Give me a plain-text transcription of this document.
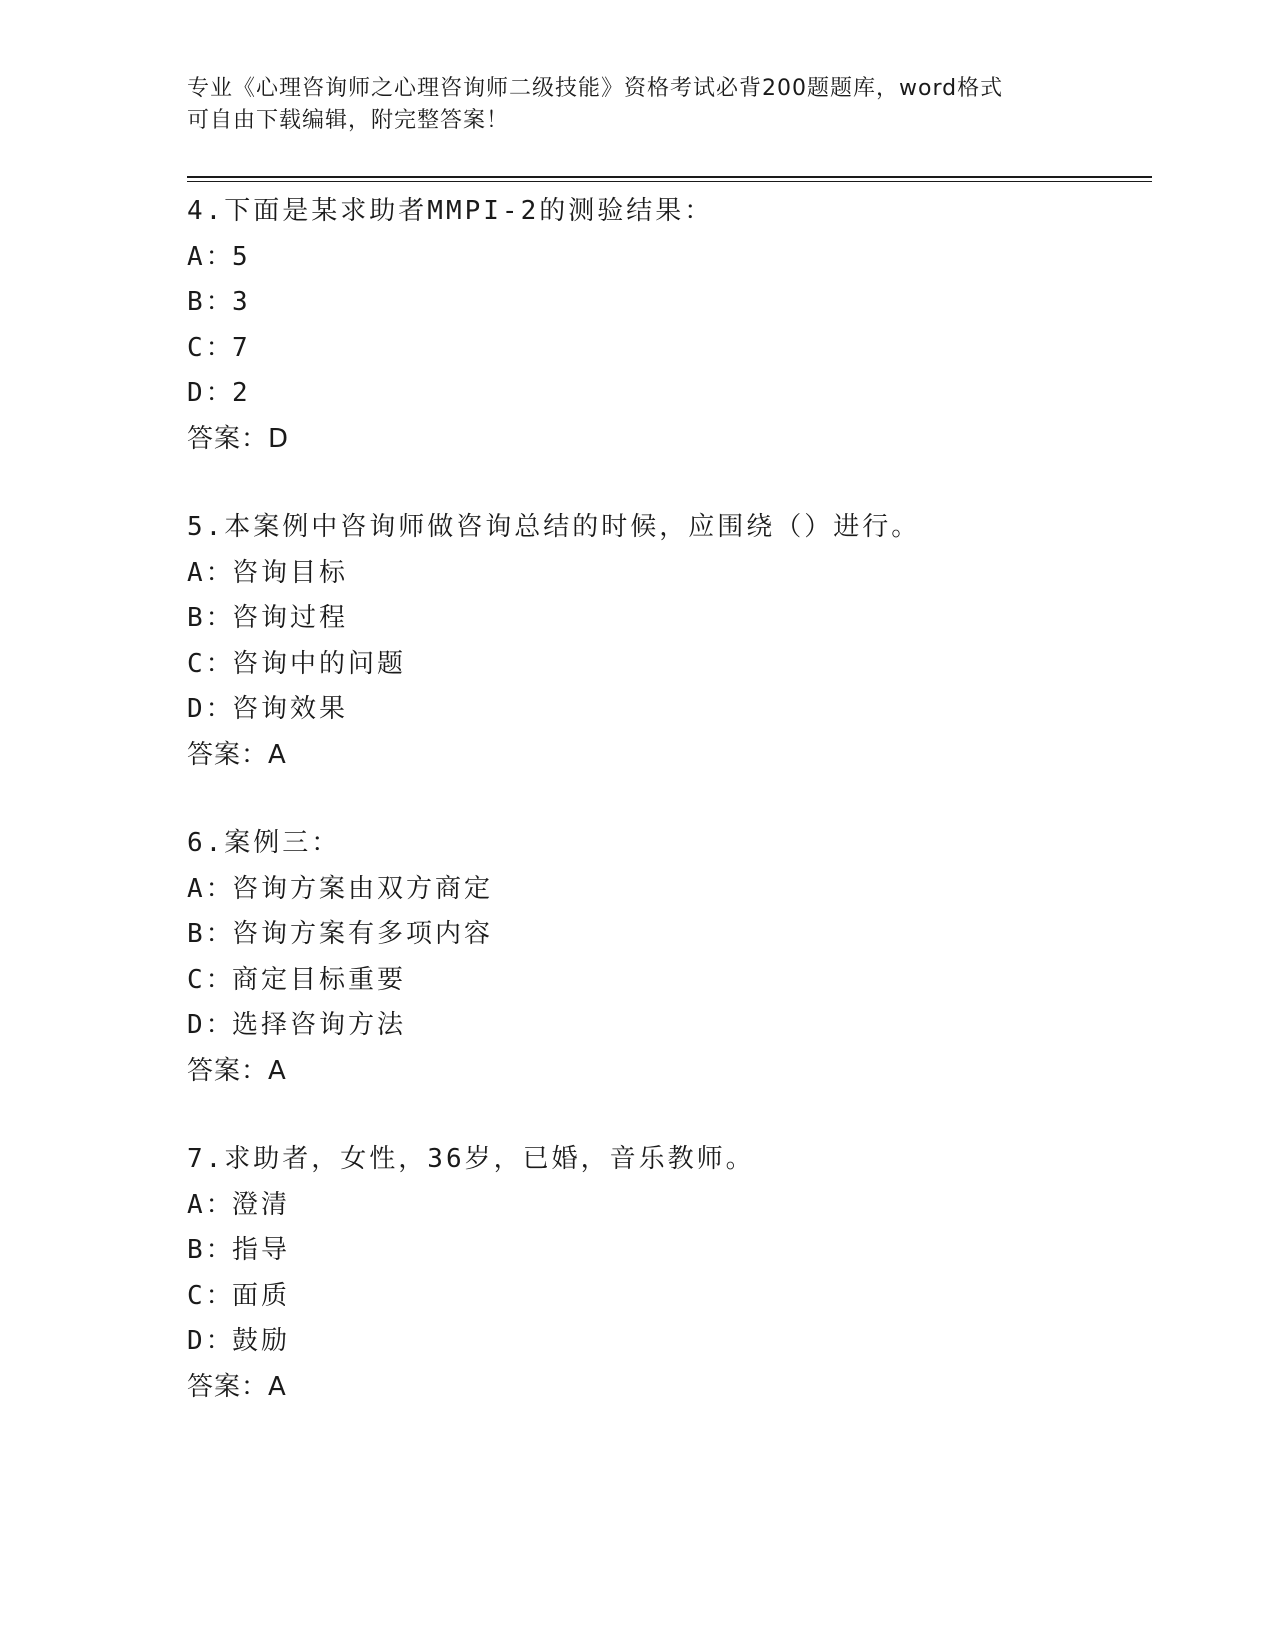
专业《心理咨询师之心理咨询师二级技能》资格考试必背200题题库，word格式
可自由下载编辑，附完整答案！
4.下面是某求助者MMPI-2的测验结果：
A：5
B：3
C：7
D：2
答案：D
5.本案例中咨询师做咨询总结的时候，应围绕（）进行。
A：咨询目标
B：咨询过程
C：咨询中的问题
D：咨询效果
答案：A
6.案例三：
A：咨询方案由双方商定
B：咨询方案有多项内容
C：商定目标重要
D：选择咨询方法
答案：A
7.求助者，女性，36岁，已婚，音乐教师。
A：澄清
B：指导
C：面质
D：鼓励
答案：A
